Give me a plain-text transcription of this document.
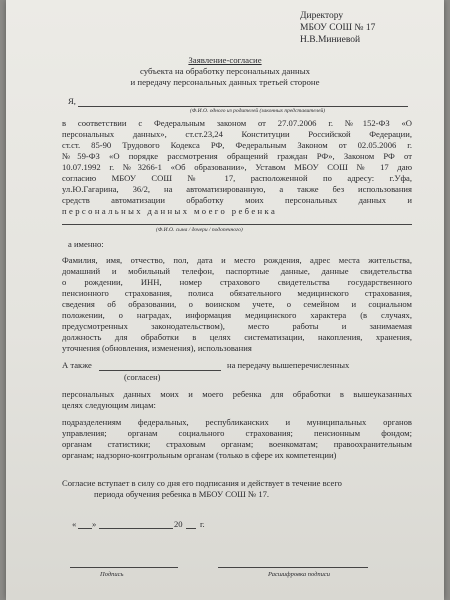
Директору
МБОУ СОШ № 17
Н.В.Миниевой
Заявление-согласие
субъекта на обработку персональных данных
и передачу персональных данных третьей стороне
Я,
(Ф.И.О. одного из родителей (законных представителей)
в соответствии с Федеральным законом от 27.07.2006 г. №152-ФЗ «О
персональных данных», ст.ст.23,24 Конституции Российской Федерации,
ст.ст. 85-90 Трудового Кодекса РФ, Федеральным Законом от 02.05.2006 г.
№59-ФЗ «О порядке рассмотрения обращений граждан РФ», Законом РФ от
10.07.1992 г. №3266-1 «Об образовании», Уставом МБОУ СОШ № 17 даю
согласию МБОУ СОШ № 17, расположенной по адресу: г.Уфа,
ул.Ю.Гагарина, 36/2, на автоматизированную, а также без использования
средств автоматизации обработку моих персональных данных и
персональных данных моего ребенка
(Ф.И.О. сына / дочери / подопечного)
а именно:
Фамилия, имя, отчество, пол, дата и место рождения, адрес места жительства,
домашний и мобильный телефон, паспортные данные, данные свидетельства
о рождении, ИНН, номер страхового свидетельства государственного
пенсионного страхования, полиса обязательного медицинского страхования,
сведения об образовании, о воинском учете, о семейном и социальном
положении, о наградах, информация медицинского характера (в случаях,
предусмотренных законодательством), место работы и занимаемая
должность для обработки в целях систематизации, накопления, хранения,
уточнения (обновления, изменения), использования
А также	на передачу вышеперечисленных
(согласен)
персональных данных моих и моего ребенка для обработки в вышеуказанных
целях следующим лицам:
подразделениям федеральных, республиканских и муниципальных органов
управления; органам социального страхования; пенсионным фондом;
органам статистики; страховым органам; военкоматам; правоохранительным
органам; надзорно-контрольным органам (только в сфере их компетенции)
Согласие вступает в силу со дня его подписания и действует в течение всего
периода обучения ребенка в МБОУ СОШ № 17.
« »	20 г.
Подпись	Расшифровка подписи
